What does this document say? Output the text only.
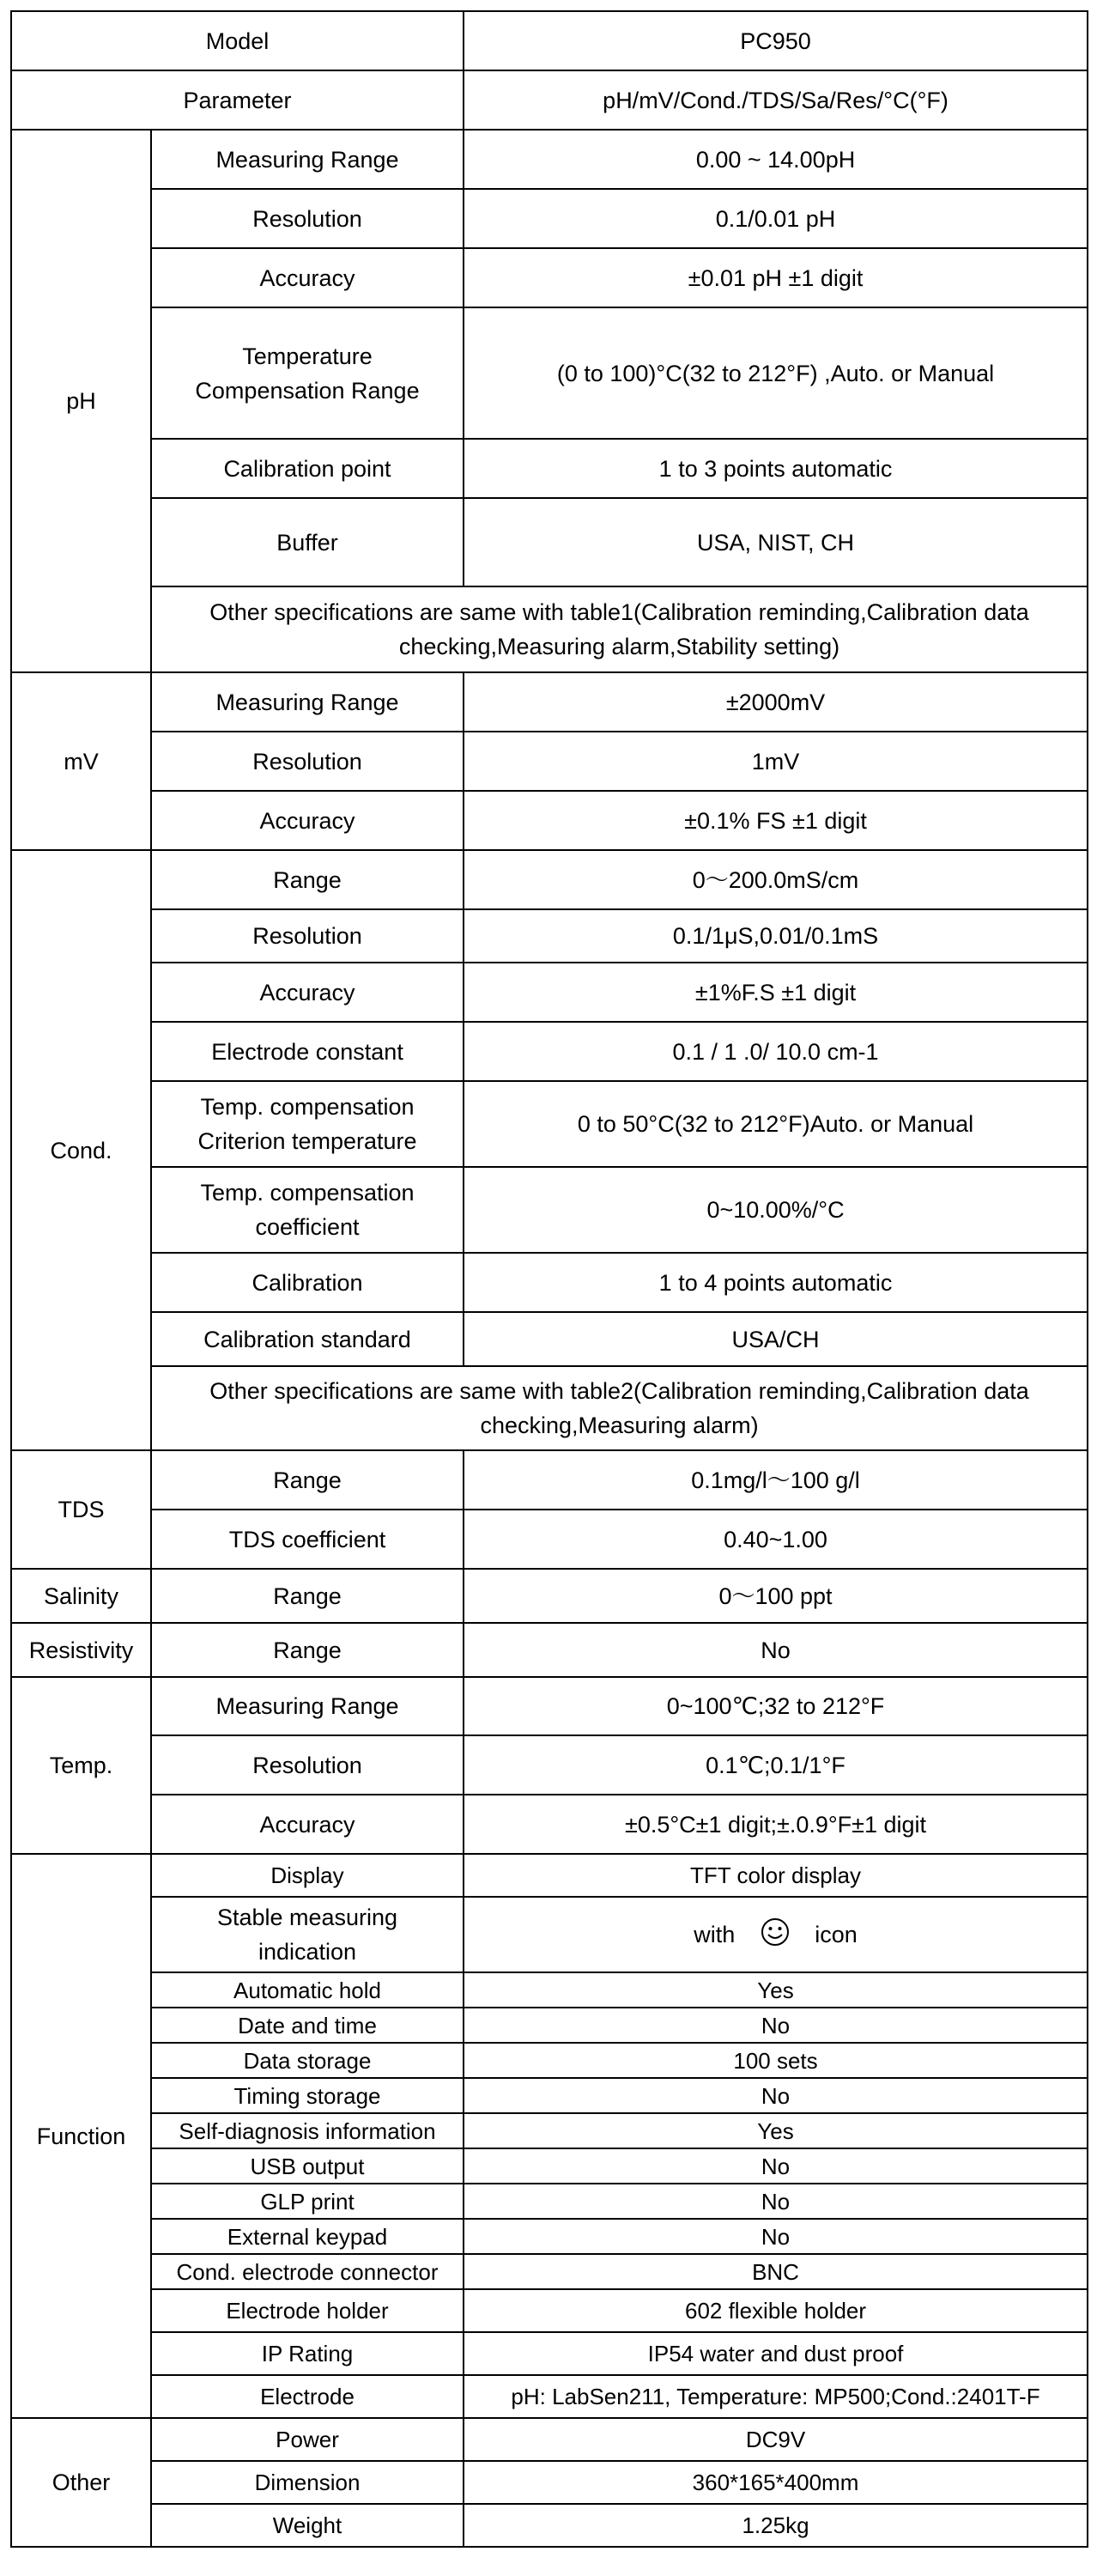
Model		PC950
Parameter		pH/mV/Cond./TDS/Sa/Res/°C(°F)
pH	Measuring Range	0.00 ~ 14.00pH
	Resolution	0.1/0.01 pH
	Accuracy	±0.01 pH ±1 digit

	Temperature
Compensation Range	(0 to 100)°C(32 to 212°F) ,Auto. or Manual
	Calibration point	1 to 3 points automatic
	Buffer	USA, NIST, CH

	Other specifications are same with table1(Calibration reminding,Calibration data
checking,Measuring alarm,Stability setting)	

mV	Measuring Range	±2000mV
	Resolution	1mV
	Accuracy	±0.1% FS ±1 digit
Cond.	Range	0～200.0mS/cm
	Resolution	0.1/1μS,0.01/0.1mS
	Accuracy	±1%F.S ±1 digit
	Electrode constant	0.1 / 1 .0/ 10.0 cm-1

	Temp. compensation
Criterion temperature	0 to 50°C(32 to 212°F)Auto. or Manual

	Temp. compensation
coefficient	0~10.00%/°C
	Calibration	1 to 4 points automatic
	Calibration standard	USA/CH

	Other specifications are same with table2(Calibration reminding,Calibration data
checking,Measuring alarm)	

TDS	Range	0.1mg/l～100 g/l
	TDS coefficient	0.40~1.00
Salinity	Range	0～100 ppt
Resistivity	Range	No
Temp.	Measuring Range	0~100℃;32 to 212°F
	Resolution	0.1℃;0.1/1°F
	Accuracy	±0.5°C±1 digit;±.0.9°F±1 digit
Function	Display	TFT color display

	Stable measuring
indication	with icon
	Automatic hold	Yes
	Date and time	No
	Data storage	100 sets
	Timing storage	No
	Self-diagnosis information	Yes
	USB output	No
	GLP print	No
	External keypad	No
	Cond. electrode connector	BNC
	Electrode holder	602 flexible holder
	IP Rating	IP54 water and dust proof
	Electrode	pH: LabSen211, Temperature: MP500;Cond.:2401T-F
Other	Power	DC9V
	Dimension	360*165*400mm
	Weight	1.25kg
